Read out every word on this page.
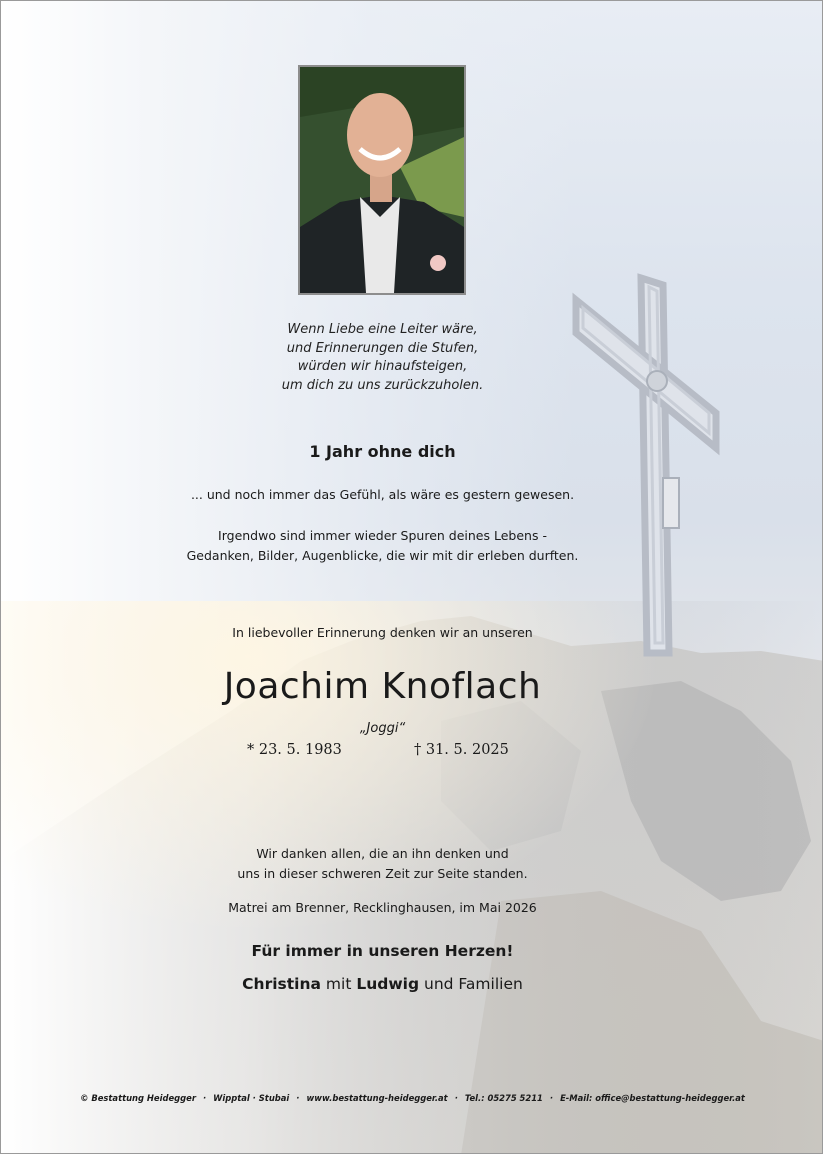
Wenn Liebe eine Leiter wäre,
und Erinnerungen die Stufen,
würden wir hinaufsteigen,
um dich zu uns zurückzuholen.
1 Jahr ohne dich
... und noch immer das Gefühl, als wäre es gestern gewesen.
Irgendwo sind immer wieder Spuren deines Lebens -
Gedanken, Bilder, Augenblicke, die wir mit dir erleben durften.
In liebevoller Erinnerung denken wir an unseren
Joachim Knoflach
„Joggi“
* 23. 5. 1983	† 31. 5. 2025
Wir danken allen, die an ihn denken und
uns in dieser schweren Zeit zur Seite standen.
Matrei am Brenner, Recklinghausen, im Mai 2026
Für immer in unseren Herzen!
Christina mit Ludwig und Familien
© Bestattung Heidegger · Wipptal · Stubai · www.bestattung-heidegger.at · Tel.: 05275 5211 · E-Mail: office@bestattung-heidegger.at
